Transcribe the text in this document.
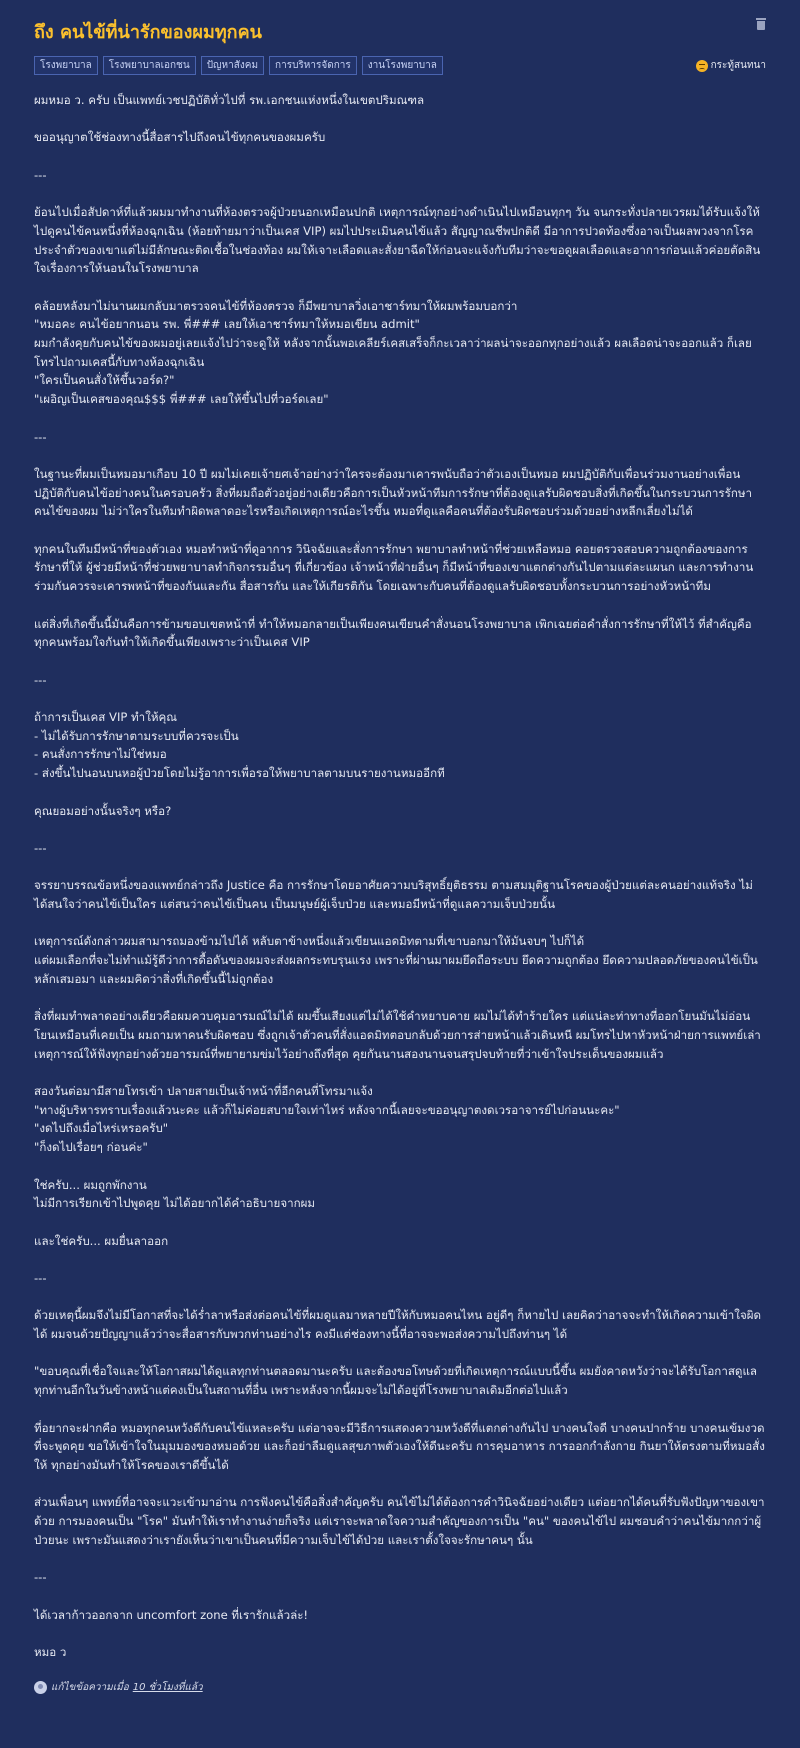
ถึง คนไข้ที่น่ารักของผมทุกคน
โรงพยาบาล	โรงพยาบาลเอกชน	ปัญหาสังคม	การบริหารจัดการ	งานโรงพยาบาล	กระทู้สนทนา

ผมหมอ ว. ครับ เป็นแพทย์เวชปฏิบัติทั่วไปที่ รพ.เอกชนแห่งหนึ่งในเขตปริมณฑล

ขออนุญาตใช้ช่องทางนี้สื่อสารไปถึงคนไข้ทุกคนของผมครับ

---

ย้อนไปเมื่อสัปดาห์ที่แล้วผมมาทำงานที่ห้องตรวจผู้ป่วยนอกเหมือนปกติ เหตุการณ์ทุกอย่างดำเนินไปเหมือนทุกๆ วัน จนกระทั่งปลายเวรผมได้รับแจ้งให้ไปดูคนไข้คนหนึ่งที่ห้องฉุกเฉิน (ห้อยท้ายมาว่าเป็นเคส VIP) ผมไปประเมินคนไข้แล้ว สัญญาณชีพปกติดี มีอาการปวดท้องซึ่งอาจเป็นผลพวงจากโรคประจำตัวของเขาแต่ไม่มีลักษณะติดเชื้อในช่องท้อง ผมให้เจาะเลือดและสั่งยาฉีดให้ก่อนจะแจ้งกับทีมว่าจะขอดูผลเลือดและอาการก่อนแล้วค่อยตัดสินใจเรื่องการให้นอนในโรงพยาบาล

คล้อยหลังมาไม่นานผมกลับมาตรวจคนไข้ที่ห้องตรวจ ก็มีพยาบาลวิ่งเอาชาร์ทมาให้ผมพร้อมบอกว่า
"หมอคะ คนไข้อยากนอน รพ. พี่### เลยให้เอาชาร์ทมาให้หมอเขียน admit"
ผมกำลังคุยกับคนไข้ของผมอยู่เลยแจ้งไปว่าจะดูให้ หลังจากนั้นพอเคลียร์เคสเสร็จก็กะเวลาว่าผลน่าจะออกทุกอย่างแล้ว ผลเลือดน่าจะออกแล้ว ก็เลยโทรไปถามเคสนี้กับทางห้องฉุกเฉิน
"ใครเป็นคนสั่งให้ขึ้นวอร์ด?"
"เผอิญเป็นเคสของคุณ$$$ พี่### เลยให้ขึ้นไปที่วอร์ดเลย"

---

ในฐานะที่ผมเป็นหมอมาเกือบ 10 ปี ผมไม่เคยเจ้ายศเจ้าอย่างว่าใครจะต้องมาเคารพนับถือว่าตัวเองเป็นหมอ ผมปฏิบัติกับเพื่อนร่วมงานอย่างเพื่อนปฏิบัติกับคนไข้อย่างคนในครอบครัว สิ่งที่ผมถือตัวอยู่อย่างเดียวคือการเป็นหัวหน้าทีมการรักษาที่ต้องดูแลรับผิดชอบสิ่งที่เกิดขึ้นในกระบวนการรักษาคนไข้ของผม ไม่ว่าใครในทีมทำผิดพลาดอะไรหรือเกิดเหตุการณ์อะไรขึ้น หมอที่ดูแลคือคนที่ต้องรับผิดชอบร่วมด้วยอย่างหลีกเลี่ยงไม่ได้

ทุกคนในทีมมีหน้าที่ของตัวเอง หมอทำหน้าที่ดูอาการ วินิจฉัยและสั่งการรักษา พยาบาลทำหน้าที่ช่วยเหลือหมอ คอยตรวจสอบความถูกต้องของการรักษาที่ให้ ผู้ช่วยมีหน้าที่ช่วยพยาบาลทำกิจกรรมอื่นๆ ที่เกี่ยวข้อง เจ้าหน้าที่ฝ่ายอื่นๆ ก็มีหน้าที่ของเขาแตกต่างกันไปตามแต่ละแผนก และการทำงานร่วมกันควรจะเคารพหน้าที่ของกันและกัน สื่อสารกัน และให้เกียรติกัน โดยเฉพาะกับคนที่ต้องดูแลรับผิดชอบทั้งกระบวนการอย่างหัวหน้าทีม

แต่สิ่งที่เกิดขึ้นนี้มันคือการข้ามขอบเขตหน้าที่ ทำให้หมอกลายเป็นเพียงคนเขียนคำสั่งนอนโรงพยาบาล เพิกเฉยต่อคำสั่งการรักษาที่ให้ไว้ ที่สำคัญคือทุกคนพร้อมใจกันทำให้เกิดขึ้นเพียงเพราะว่าเป็นเคส VIP

---

ถ้าการเป็นเคส VIP ทำให้คุณ
- ไม่ได้รับการรักษาตามระบบที่ควรจะเป็น
- คนสั่งการรักษาไม่ใช่หมอ
- ส่งขึ้นไปนอนบนหอผู้ป่วยโดยไม่รู้อาการเพื่อรอให้พยาบาลตามบนรายงานหมออีกที

คุณยอมอย่างนั้นจริงๆ หรือ?

---

จรรยาบรรณข้อหนึ่งของแพทย์กล่าวถึง Justice คือ การรักษาโดยอาศัยความบริสุทธิ์ยุติธรรม ตามสมมุติฐานโรคของผู้ป่วยแต่ละคนอย่างแท้จริง ไม่ได้สนใจว่าคนไข้เป็นใคร แต่สนว่าคนไข้เป็นคน เป็นมนุษย์ผู้เจ็บป่วย และหมอมีหน้าที่ดูแลความเจ็บป่วยนั้น

เหตุการณ์ดังกล่าวผมสามารถมองข้ามไปได้ หลับตาข้างหนึ่งแล้วเขียนแอดมิทตามที่เขาบอกมาให้มันจบๆ ไปก็ได้
แต่ผมเลือกที่จะไม่ทำแม้รู้ดีว่าการดื้อดันของผมจะส่งผลกระทบรุนแรง เพราะที่ผ่านมาผมยึดถือระบบ ยึดความถูกต้อง ยึดความปลอดภัยของคนไข้เป็นหลักเสมอมา และผมคิดว่าสิ่งที่เกิดขึ้นนี้ไม่ถูกต้อง

สิ่งที่ผมทำพลาดอย่างเดียวคือผมควบคุมอารมณ์ไม่ได้ ผมขึ้นเสียงแต่ไม่ได้ใช้คำหยาบคาย ผมไม่ได้ทำร้ายใคร แต่แน่ละท่าทางที่ออกโยนมันไม่อ่อนโยนเหมือนที่เคยเป็น ผมถามหาคนรับผิดชอบ ซึ่งถูกเจ้าตัวคนที่สั่งแอดมิทตอบกลับด้วยการส่ายหน้าแล้วเดินหนี ผมโทรไปหาหัวหน้าฝ่ายการแพทย์เล่าเหตุการณ์ให้ฟังทุกอย่างด้วยอารมณ์ที่พยายามข่มไว้อย่างถึงที่สุด คุยกันนานสองนานจนสรุปจบท้ายที่ว่าเข้าใจประเด็นของผมแล้ว

สองวันต่อมามีสายโทรเข้า ปลายสายเป็นเจ้าหน้าที่อีกคนที่โทรมาแจ้ง
"ทางผู้บริหารทราบเรื่องแล้วนะคะ แล้วก็ไม่ค่อยสบายใจเท่าไหร่ หลังจากนี้เลยจะขออนุญาตงดเวรอาจารย์ไปก่อนนะคะ"
"งดไปถึงเมื่อไหร่เหรอครับ"
"ก็งดไปเรื่อยๆ ก่อนค่ะ"

ใช่ครับ... ผมถูกพักงาน
ไม่มีการเรียกเข้าไปพูดคุย ไม่ได้อยากได้คำอธิบายจากผม

และใช่ครับ... ผมยื่นลาออก

---

ด้วยเหตุนี้ผมจึงไม่มีโอกาสที่จะได้ร่ำลาหรือส่งต่อคนไข้ที่ผมดูแลมาหลายปีให้กับหมอคนไหน อยู่ดีๆ ก็หายไป เลยคิดว่าอาจจะทำให้เกิดความเข้าใจผิดได้ ผมจนด้วยปัญญาแล้วว่าจะสื่อสารกับพวกท่านอย่างไร คงมีแต่ช่องทางนี้ที่อาจจะพอส่งความไปถึงท่านๆ ได้

"ขอบคุณที่เชื่อใจและให้โอกาสผมได้ดูแลทุกท่านตลอดมานะครับ และต้องขอโทษด้วยที่เกิดเหตุการณ์แบบนี้ขึ้น ผมยังคาดหวังว่าจะได้รับโอกาสดูแลทุกท่านอีกในวันข้างหน้าแต่คงเป็นในสถานที่อื่น เพราะหลังจากนี้ผมจะไม่ได้อยู่ที่โรงพยาบาลเดิมอีกต่อไปแล้ว

ที่อยากจะฝากคือ หมอทุกคนหวังดีกับคนไข้แหละครับ แต่อาจจะมีวิธีการแสดงความหวังดีที่แตกต่างกันไป บางคนใจดี บางคนปากร้าย บางคนเข้มงวด ที่จะพูดคุย ขอให้เข้าใจในมุมมองของหมอด้วย และก็อย่าลืมดูแลสุขภาพตัวเองให้ดีนะครับ การคุมอาหาร การออกกำลังกาย กินยาให้ตรงตามที่หมอสั่งให้ ทุกอย่างมันทำให้โรคของเราดีขึ้นได้

ส่วนเพื่อนๆ แพทย์ที่อาจจะแวะเข้ามาอ่าน การฟังคนไข้คือสิ่งสำคัญครับ คนไข้ไม่ได้ต้องการคำวินิจฉัยอย่างเดียว แต่อยากได้คนที่รับฟังปัญหาของเขาด้วย การมองคนเป็น "โรค" มันทำให้เราทำงานง่ายก็จริง แต่เราจะพลาดใจความสำคัญของการเป็น "คน" ของคนไข้ไป ผมชอบคำว่าคนไข้มากกว่าผู้ป่วยนะ เพราะมันแสดงว่าเรายังเห็นว่าเขาเป็นคนที่มีความเจ็บไข้ได้ป่วย และเราตั้งใจจะรักษาคนๆ นั้น

---

ได้เวลาก้าวออกจาก uncomfort zone ที่เรารักแล้วล่ะ!

หมอ ว

แก้ไขข้อความเมื่อ 10 ชั่วโมงที่แล้ว
